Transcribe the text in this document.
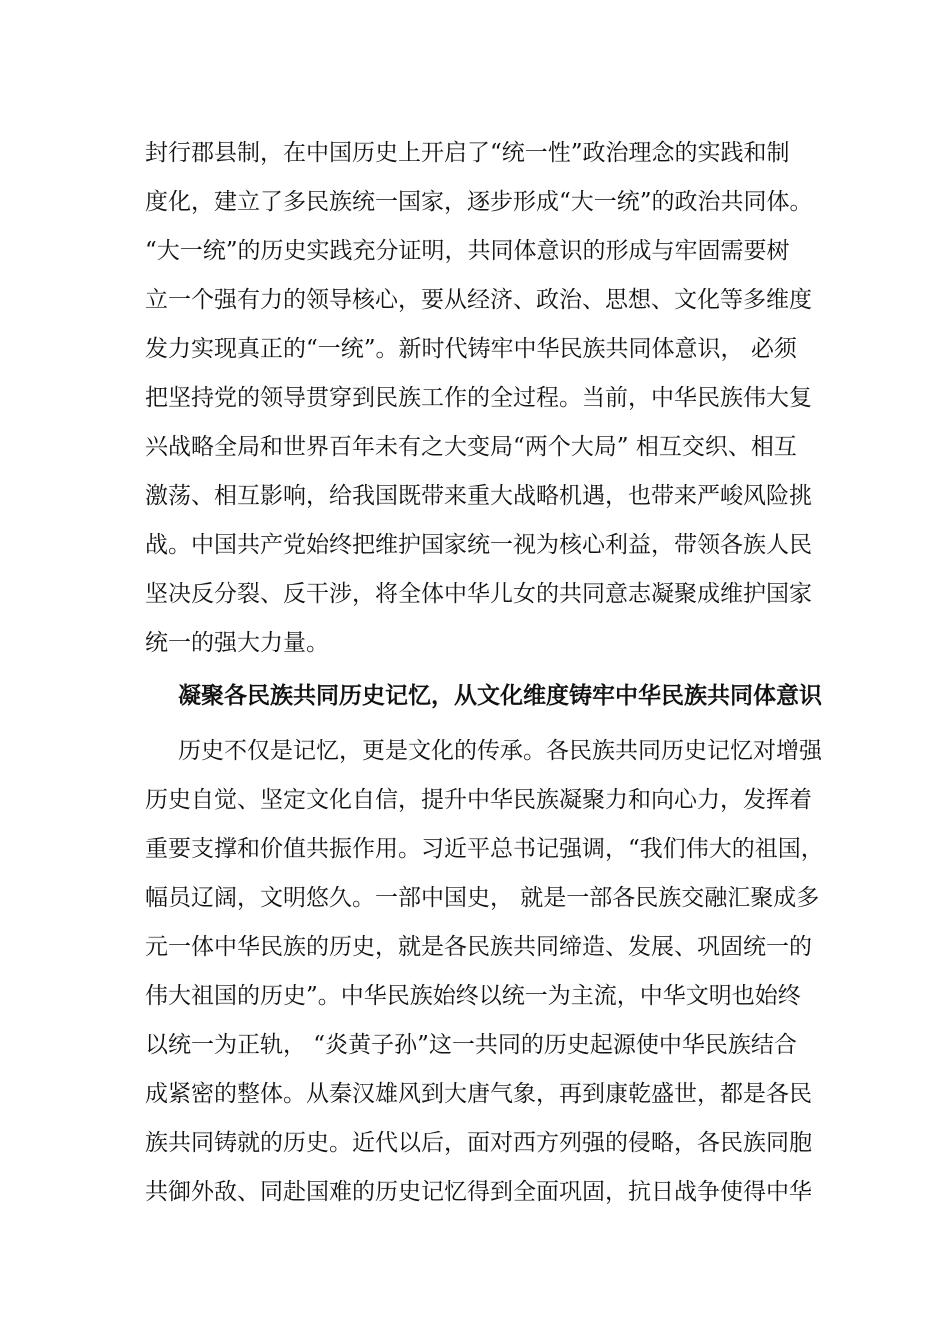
封行郡县制，在中国历史上开启了“统一性”政治理念的实践和制
度化，建立了多民族统一国家，逐步形成“大一统”的政治共同体。
“大一统”的历史实践充分证明，共同体意识的形成与牢固需要树
立一个强有力的领导核心，要从经济、政治、思想、文化等多维度
发力实现真正的“一统”。新时代铸牢中华民族共同体意识， 必须
把坚持党的领导贯穿到民族工作的全过程。当前，中华民族伟大复
兴战略全局和世界百年未有之大变局“两个大局” 相互交织、相互
激荡、相互影响，给我国既带来重大战略机遇，也带来严峻风险挑
战。中国共产党始终把维护国家统一视为核心利益，带领各族人民
坚决反分裂、反干涉，将全体中华儿女的共同意志凝聚成维护国家
统一的强大力量。
凝聚各民族共同历史记忆，从文化维度铸牢中华民族共同体意识
历史不仅是记忆，更是文化的传承。各民族共同历史记忆对增强
历史自觉、坚定文化自信，提升中华民族凝聚力和向心力，发挥着
重要支撑和价值共振作用。习近平总书记强调，“我们伟大的祖国，
幅员辽阔，文明悠久。一部中国史， 就是一部各民族交融汇聚成多
元一体中华民族的历史，就是各民族共同缔造、发展、巩固统一的
伟大祖国的历史”。中华民族始终以统一为主流，中华文明也始终
以统一为正轨， “炎黄子孙”这一共同的历史起源使中华民族结合
成紧密的整体。从秦汉雄风到大唐气象，再到康乾盛世，都是各民
族共同铸就的历史。近代以后，面对西方列强的侵略，各民族同胞
共御外敌、同赴国难的历史记忆得到全面巩固，抗日战争使得中华
